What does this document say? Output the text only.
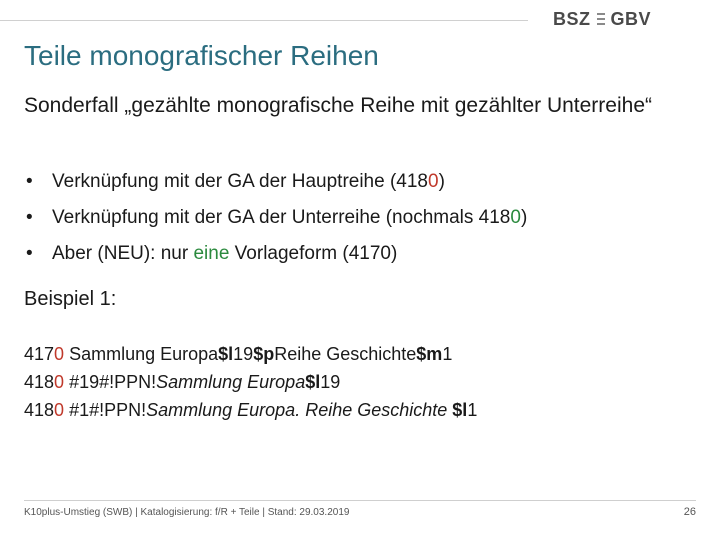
BSZ GBV
Teile monografischer Reihen
Sonderfall „gezählte monografische Reihe mit gezählter Unterreihe“
• Verknüpfung mit der GA der Hauptreihe (4180)
• Verknüpfung mit der GA der Unterreihe (nochmals 4180)
• Aber (NEU): nur eine Vorlageform (4170)
Beispiel 1:
4170 Sammlung Europa$l19$pReihe Geschichte$m1
4180 #19#!PPN!Sammlung Europa$l19
4180 #1#!PPN!Sammlung Europa. Reihe Geschichte $l1
K10plus-Umstieg (SWB) | Katalogisierung: f/R + Teile | Stand: 29.03.2019	26
